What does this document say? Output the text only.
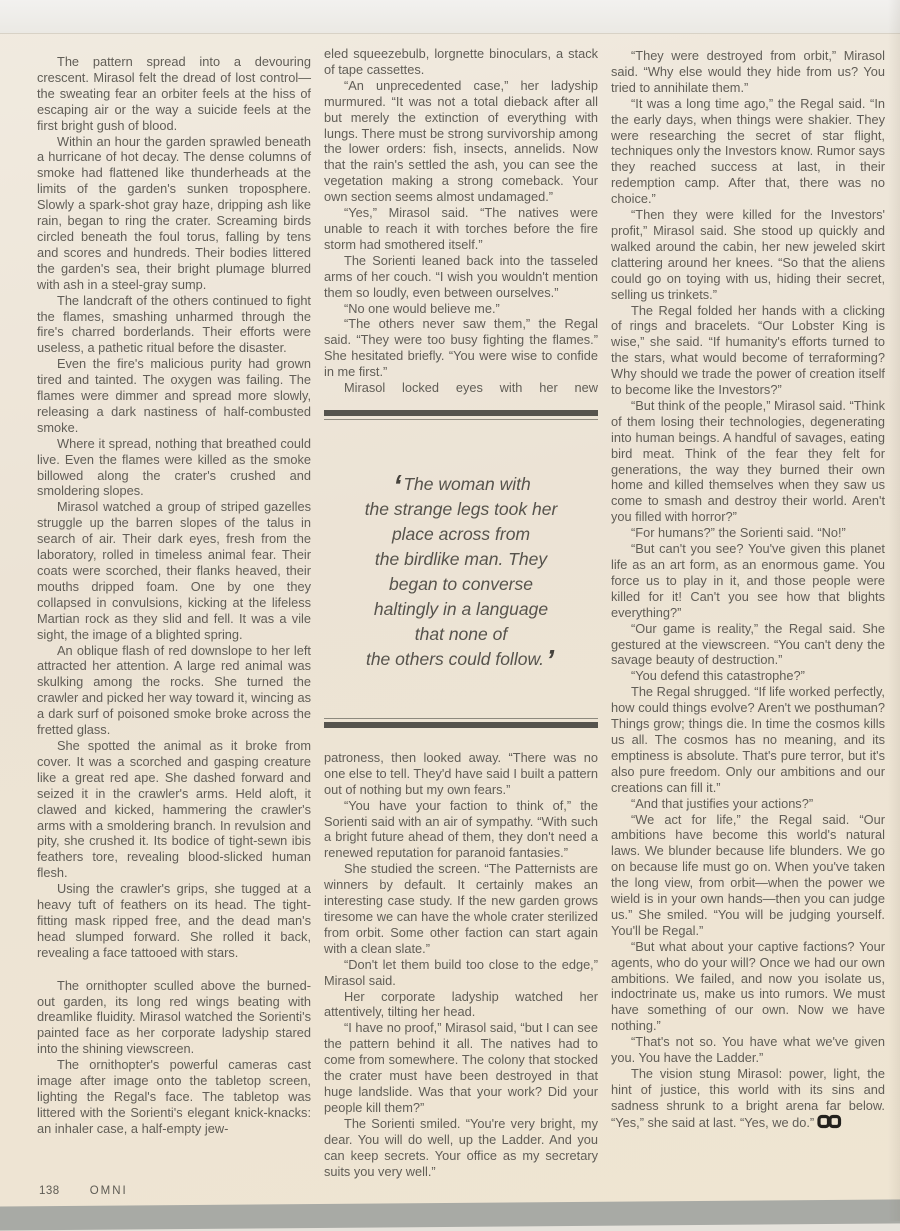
The pattern spread into a devouring crescent. Mirasol felt the dread of lost control—the sweating fear an orbiter feels at the hiss of escaping air or the way a suicide feels at the first bright gush of blood.

Within an hour the garden sprawled beneath a hurricane of hot decay. The dense columns of smoke had flattened like thunderheads at the limits of the garden's sunken troposphere. Slowly a spark-shot gray haze, dripping ash like rain, began to ring the crater. Screaming birds circled beneath the foul torus, falling by tens and scores and hundreds. Their bodies littered the garden's sea, their bright plumage blurred with ash in a steel-gray sump.

The landcraft of the others continued to fight the flames, smashing unharmed through the fire's charred borderlands. Their efforts were useless, a pathetic ritual before the disaster.

Even the fire's malicious purity had grown tired and tainted. The oxygen was failing. The flames were dimmer and spread more slowly, releasing a dark nastiness of half-combusted smoke.

Where it spread, nothing that breathed could live. Even the flames were killed as the smoke billowed along the crater's crushed and smoldering slopes.

Mirasol watched a group of striped gazelles struggle up the barren slopes of the talus in search of air. Their dark eyes, fresh from the laboratory, rolled in timeless animal fear. Their coats were scorched, their flanks heaved, their mouths dripped foam. One by one they collapsed in convulsions, kicking at the lifeless Martian rock as they slid and fell. It was a vile sight, the image of a blighted spring.

An oblique flash of red downslope to her left attracted her attention. A large red animal was skulking among the rocks. She turned the crawler and picked her way toward it, wincing as a dark surf of poisoned smoke broke across the fretted glass.

She spotted the animal as it broke from cover. It was a scorched and gasping creature like a great red ape. She dashed forward and seized it in the crawler's arms. Held aloft, it clawed and kicked, hammering the crawler's arms with a smoldering branch. In revulsion and pity, she crushed it. Its bodice of tight-sewn ibis feathers tore, revealing blood-slicked human flesh.

Using the crawler's grips, she tugged at a heavy tuft of feathers on its head. The tight-fitting mask ripped free, and the dead man's head slumped forward. She rolled it back, revealing a face tattooed with stars.

The ornithopter sculled above the burned-out garden, its long red wings beating with dreamlike fluidity. Mirasol watched the Sorienti's painted face as her corporate ladyship stared into the shining viewscreen.

The ornithopter's powerful cameras cast image after image onto the tabletop screen, lighting the Regal's face. The tabletop was littered with the Sorienti's elegant knick-knacks: an inhaler case, a half-empty jew-

eled squeezebulb, lorgnette binoculars, a stack of tape cassettes.

“An unprecedented case,” her ladyship murmured. “It was not a total dieback after all but merely the extinction of everything with lungs. There must be strong survivorship among the lower orders: fish, insects, annelids. Now that the rain's settled the ash, you can see the vegetation making a strong comeback. Your own section seems almost undamaged.”

“Yes,” Mirasol said. “The natives were unable to reach it with torches before the fire storm had smothered itself.”

The Sorienti leaned back into the tasseled arms of her couch. “I wish you wouldn't mention them so loudly, even between ourselves.”

“No one would believe me.”

“The others never saw them,” the Regal said. “They were too busy fighting the flames.” She hesitated briefly. “You were wise to confide in me first.”

Mirasol locked eyes with her new

‘ The woman with
the strange legs took her
place across from
the birdlike man. They
began to converse
haltingly in a language
that none of
the others could follow.’

patroness, then looked away. “There was no one else to tell. They'd have said I built a pattern out of nothing but my own fears.”

“You have your faction to think of,” the Sorienti said with an air of sympathy. “With such a bright future ahead of them, they don't need a renewed reputation for paranoid fantasies.”

She studied the screen. “The Patternists are winners by default. It certainly makes an interesting case study. If the new garden grows tiresome we can have the whole crater sterilized from orbit. Some other faction can start again with a clean slate.”

“Don't let them build too close to the edge,” Mirasol said.

Her corporate ladyship watched her attentively, tilting her head.

“I have no proof,” Mirasol said, “but I can see the pattern behind it all. The natives had to come from somewhere. The colony that stocked the crater must have been destroyed in that huge landslide. Was that your work? Did your people kill them?”

The Sorienti smiled. “You're very bright, my dear. You will do well, up the Ladder. And you can keep secrets. Your office as my secretary suits you very well.”

“They were destroyed from orbit,” Mirasol said. “Why else would they hide from us? You tried to annihilate them.”

“It was a long time ago,” the Regal said. “In the early days, when things were shakier. They were researching the secret of star flight, techniques only the Investors know. Rumor says they reached success at last, in their redemption camp. After that, there was no choice.”

“Then they were killed for the Investors' profit,” Mirasol said. She stood up quickly and walked around the cabin, her new jeweled skirt clattering around her knees. “So that the aliens could go on toying with us, hiding their secret, selling us trinkets.”

The Regal folded her hands with a clicking of rings and bracelets. “Our Lobster King is wise,” she said. “If humanity's efforts turned to the stars, what would become of terraforming? Why should we trade the power of creation itself to become like the Investors?”

“But think of the people,” Mirasol said. “Think of them losing their technologies, degenerating into human beings. A handful of savages, eating bird meat. Think of the fear they felt for generations, the way they burned their own home and killed themselves when they saw us come to smash and destroy their world. Aren't you filled with horror?”

“For humans?” the Sorienti said. “No!”

“But can't you see? You've given this planet life as an art form, as an enormous game. You force us to play in it, and those people were killed for it! Can't you see how that blights everything?”

“Our game is reality,” the Regal said. She gestured at the viewscreen. “You can't deny the savage beauty of destruction.”

“You defend this catastrophe?”

The Regal shrugged. “If life worked perfectly, how could things evolve? Aren't we posthuman? Things grow; things die. In time the cosmos kills us all. The cosmos has no meaning, and its emptiness is absolute. That's pure terror, but it's also pure freedom. Only our ambitions and our creations can fill it.”

“And that justifies your actions?”

“We act for life,” the Regal said. “Our ambitions have become this world's natural laws. We blunder because life blunders. We go on because life must go on. When you've taken the long view, from orbit—when the power we wield is in your own hands—then you can judge us.” She smiled. “You will be judging yourself. You'll be Regal.”

“But what about your captive factions? Your agents, who do your will? Once we had our own ambitions. We failed, and now you isolate us, indoctrinate us, make us into rumors. We must have something of our own. Now we have nothing.”

“That's not so. You have what we've given you. You have the Ladder.”

The vision stung Mirasol: power, light, the hint of justice, this world with its sins and sadness shrunk to a bright arena far below. “Yes,” she said at last. “Yes, we do.”

138	OMNI
